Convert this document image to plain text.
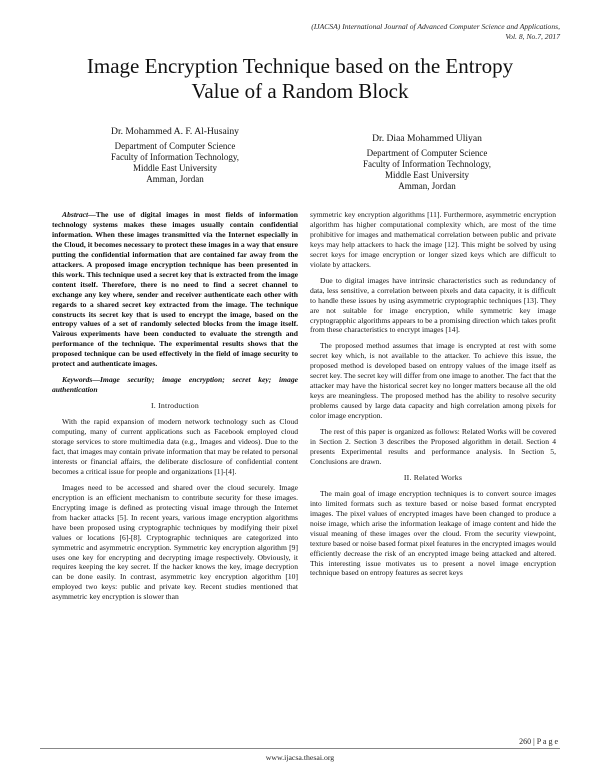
(IJACSA) International Journal of Advanced Computer Science and Applications,
Vol. 8, No.7, 2017
Image Encryption Technique based on the Entropy
Value of a Random Block
Dr. Mohammed A. F. Al-Husainy
Department of Computer Science
Faculty of Information Technology,
Middle East University
Amman, Jordan
Dr. Diaa Mohammed Uliyan
Department of Computer Science
Faculty of Information Technology,
Middle East University
Amman, Jordan

Abstract—The use of digital images in most fields of information technology systems makes these images usually contain confidential information. When these images transmitted via the Internet especially in the Cloud, it becomes necessary to protect these images in a way that ensure putting the confidential information that are contained far away from the attackers. A proposed image encryption technique has been presented in this work. This technique used a secret key that is extracted from the image content itself. Therefore, there is no need to find a secret channel to exchange any key where, sender and receiver authenticate each other with regards to a shared secret key extracted from the image. The technique constructs its secret key that is used to encrypt the image, based on the entropy values of a set of randomly selected blocks from the image itself. Vairous experiments have been conducted to evaluate the strength and performance of the technique. The experimental results shows that the proposed technique can be used effectively in the field of image security to protect and authenticate images.

Keywords—Image security; image encryption; secret key; image authentication

I. Introduction

With the rapid expansion of modern network technology such as Cloud computing, many of current applications such as Facebook employed cloud storage services to store multimedia data (e.g., Images and videos). Due to the fact, that images may contain private information that may be related to personal interests or financial affairs, the deliberate disclosure of confidential content becomes a critical issue for people and organizations [1]-[4].

Images need to be accessed and shared over the cloud securely. Image encryption is an efficient mechanism to contribute security for these images. Encrypting image is defined as protecting visual image through the Internet from hacker attacks [5]. In recent years, various image encryption algorithms have been proposed using cryptographic techniques by modifying their pixel values or locations [6]-[8]. Cryptographic techniques are categorized into symmetric and asymmetric encryption. Symmetric key encryption algorithm [9] uses one key for encrypting and decrypting image respectively. Obviously, it requires keeping the key secret. If the hacker knows the key, image decryption can be done easily. In contrast, asymmetric key encryption algorithm [10] employed two keys: public and private key. Recent studies mentioned that asymmetric key encryption is slower than

symmetric key encryption algorithms [11]. Furthermore, asymmetric encryption algorithm has higher computational complexity which, are most of the time prohibitive for images and mathematical correlation between public and private keys may help attackers to hack the image [12]. This might be solved by using secret keys for image encryption or longer sized keys which are difficult to violate by attackers.

Due to digital images have intrinsic characteristics such as redundancy of data, less sensitive, a correlation between pixels and data capacity, it is difficult to handle these issues by using asymmetric cryptographic techniques [13]. They are not suitable for image encryption, while symmetric key image cryptograpphic algorithms appears to be a promising direction which takes profit from these characteristics to encrypt images [14].

The proposed method assumes that image is encrypted at rest with some secret key which, is not available to the attacker. To achieve this issue, the proposed method is developed based on entropy values of the image itself as secret key. The secret key will differ from one image to another. The fact that the attacker may have the historical secret key no longer matters because all the old keys are meaningless. The proposed method has the ability to resolve security problems caused by large data capacity and high correlation among pixels for color image encryption.

The rest of this paper is organized as follows: Related Works will be covered in Section 2. Section 3 describes the Proposed algorithm in detail. Section 4 presents Experimental results and performance analysis. In Section 5, Conclusions are drawn.

II. Related Works

The main goal of image encryption techniques is to convert source images into limited formats such as texture based or noise based format encrypted images. The pixel values of encrypted images have been changed to produce a noise image, which arise the information leakage of image content and hide the visual meaning of these images over the cloud. From the security viewpoint, texture based or noise based format pixel features in the encrypted images would efficiently decrease the risk of an encrypted image being attacked and altered. This interesting issue motivates us to present a novel image encryption technique based on entropy features as secret keys

260 | P a g e
www.ijacsa.thesai.org
